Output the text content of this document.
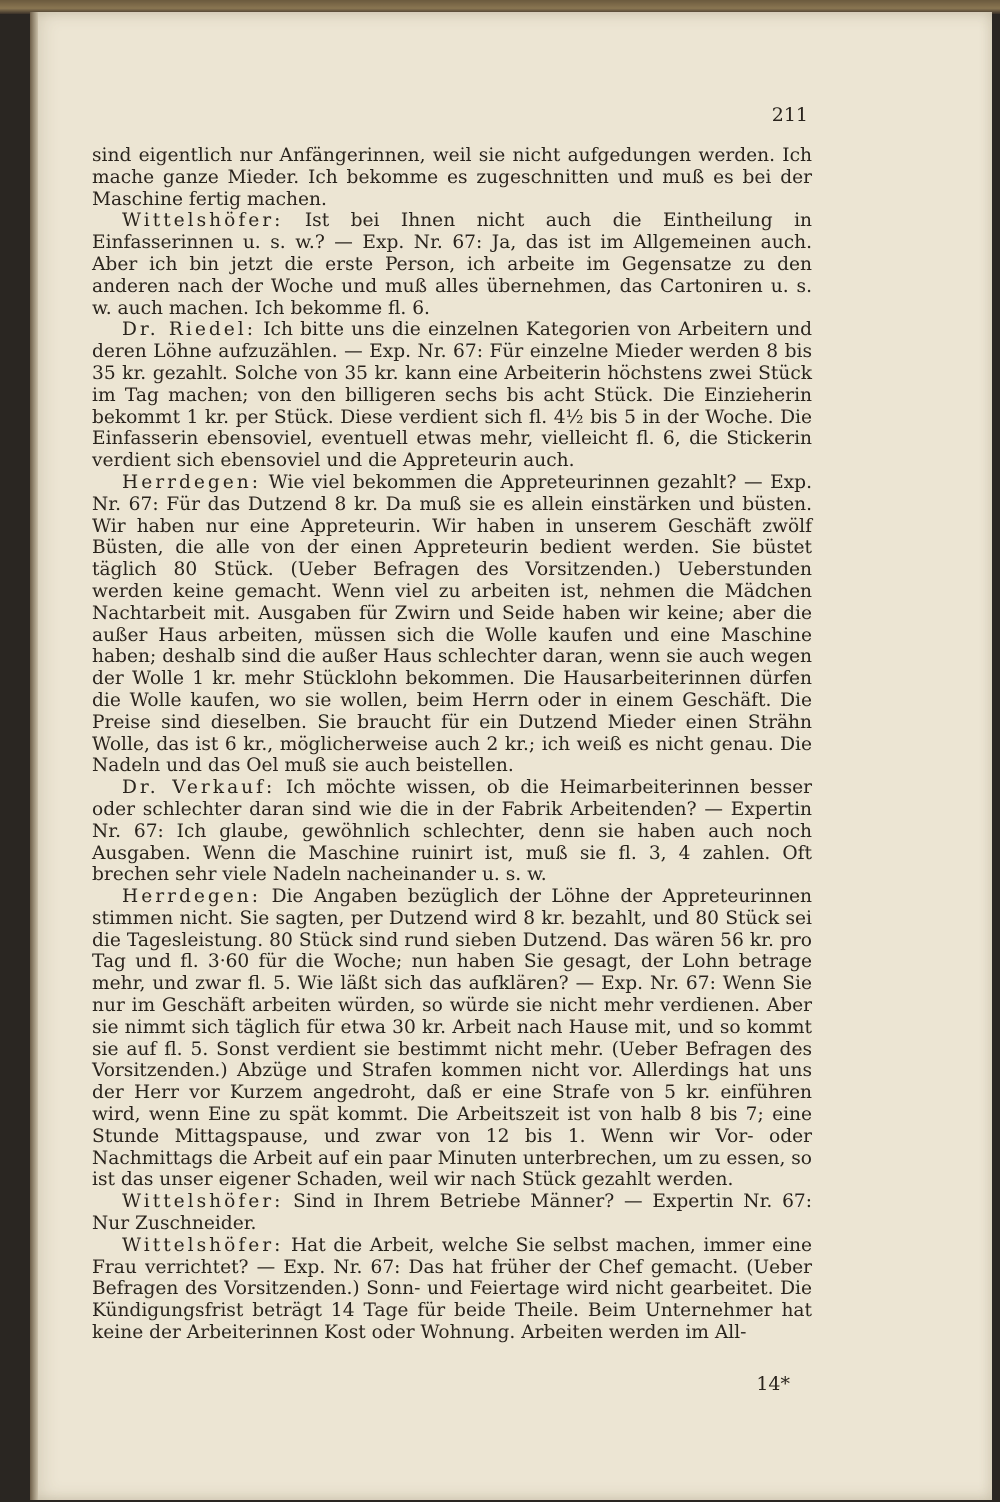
211

sind eigentlich nur Anfängerinnen, weil sie nicht aufgedungen werden. Ich mache ganze Mieder. Ich bekomme es zugeschnitten und muß es bei der Maschine fertig machen.

Wittelshöfer: Ist bei Ihnen nicht auch die Eintheilung in Einfasserinnen u. s. w.? — Exp. Nr. 67: Ja, das ist im Allgemeinen auch. Aber ich bin jetzt die erste Person, ich arbeite im Gegensatze zu den anderen nach der Woche und muß alles übernehmen, das Cartoniren u. s. w. auch machen. Ich bekomme fl. 6.

Dr. Riedel: Ich bitte uns die einzelnen Kategorien von Arbeitern und deren Löhne aufzuzählen. — Exp. Nr. 67: Für einzelne Mieder werden 8 bis 35 kr. gezahlt. Solche von 35 kr. kann eine Arbeiterin höchstens zwei Stück im Tag machen; von den billigeren sechs bis acht Stück. Die Einzieherin bekommt 1 kr. per Stück. Diese verdient sich fl. 4½ bis 5 in der Woche. Die Einfasserin ebensoviel, eventuell etwas mehr, vielleicht fl. 6, die Stickerin verdient sich ebensoviel und die Appreteurin auch.

Herrdegen: Wie viel bekommen die Appreteurinnen gezahlt? — Exp. Nr. 67: Für das Dutzend 8 kr. Da muß sie es allein einstärken und büsten. Wir haben nur eine Appreteurin. Wir haben in unserem Geschäft zwölf Büsten, die alle von der einen Appreteurin bedient werden. Sie büstet täglich 80 Stück. (Ueber Befragen des Vorsitzenden.) Ueberstunden werden keine gemacht. Wenn viel zu arbeiten ist, nehmen die Mädchen Nachtarbeit mit. Ausgaben für Zwirn und Seide haben wir keine; aber die außer Haus arbeiten, müssen sich die Wolle kaufen und eine Maschine haben; deshalb sind die außer Haus schlechter daran, wenn sie auch wegen der Wolle 1 kr. mehr Stücklohn bekommen. Die Hausarbeiterinnen dürfen die Wolle kaufen, wo sie wollen, beim Herrn oder in einem Geschäft. Die Preise sind dieselben. Sie braucht für ein Dutzend Mieder einen Strähn Wolle, das ist 6 kr., möglicherweise auch 2 kr.; ich weiß es nicht genau. Die Nadeln und das Oel muß sie auch beistellen.

Dr. Verkauf: Ich möchte wissen, ob die Heimarbeiterinnen besser oder schlechter daran sind wie die in der Fabrik Arbeitenden? — Expertin Nr. 67: Ich glaube, gewöhnlich schlechter, denn sie haben auch noch Ausgaben. Wenn die Maschine ruinirt ist, muß sie fl. 3, 4 zahlen. Oft brechen sehr viele Nadeln nacheinander u. s. w.

Herrdegen: Die Angaben bezüglich der Löhne der Appreteurinnen stimmen nicht. Sie sagten, per Dutzend wird 8 kr. bezahlt, und 80 Stück sei die Tagesleistung. 80 Stück sind rund sieben Dutzend. Das wären 56 kr. pro Tag und fl. 3·60 für die Woche; nun haben Sie gesagt, der Lohn betrage mehr, und zwar fl. 5. Wie läßt sich das aufklären? — Exp. Nr. 67: Wenn Sie nur im Geschäft arbeiten würden, so würde sie nicht mehr verdienen. Aber sie nimmt sich täglich für etwa 30 kr. Arbeit nach Hause mit, und so kommt sie auf fl. 5. Sonst verdient sie bestimmt nicht mehr. (Ueber Befragen des Vorsitzenden.) Abzüge und Strafen kommen nicht vor. Allerdings hat uns der Herr vor Kurzem angedroht, daß er eine Strafe von 5 kr. einführen wird, wenn Eine zu spät kommt. Die Arbeitszeit ist von halb 8 bis 7; eine Stunde Mittagspause, und zwar von 12 bis 1. Wenn wir Vor- oder Nachmittags die Arbeit auf ein paar Minuten unterbrechen, um zu essen, so ist das unser eigener Schaden, weil wir nach Stück gezahlt werden.

Wittelshöfer: Sind in Ihrem Betriebe Männer? — Expertin Nr. 67: Nur Zuschneider.

Wittelshöfer: Hat die Arbeit, welche Sie selbst machen, immer eine Frau verrichtet? — Exp. Nr. 67: Das hat früher der Chef gemacht. (Ueber Befragen des Vorsitzenden.) Sonn- und Feiertage wird nicht gearbeitet. Die Kündigungsfrist beträgt 14 Tage für beide Theile. Beim Unternehmer hat keine der Arbeiterinnen Kost oder Wohnung. Arbeiten werden im All-

14*
